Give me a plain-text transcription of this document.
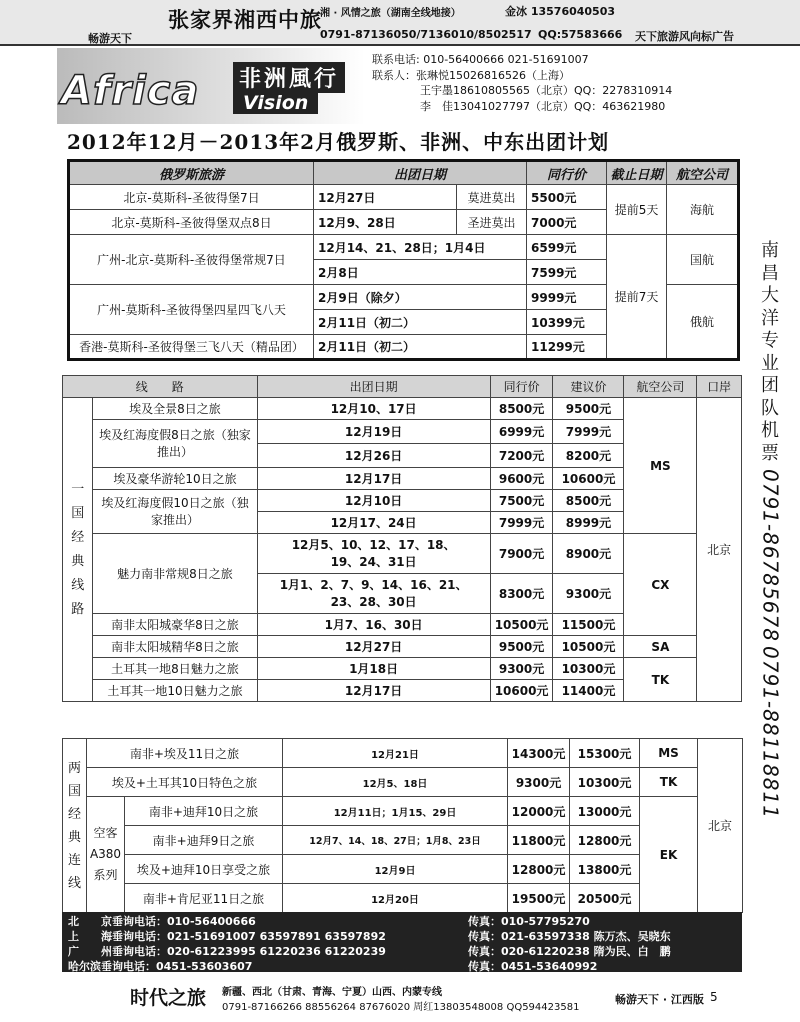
畅游天下
张家界湘西中旅
湘 · 风情之旅（湖南全线地接）	金冰 13576040503
0791-87136050/7136010/8502517 QQ:57583666 天下旅游风向标广告
Africa 非洲風行
Vision
联系电话: 010-56400666 021-51691007
联系人：张琳悦15026816526（上海）
王宇墨18610805565（北京）QQ：2278310914
李　佳13041027797（北京）QQ：463621980
2012年12月－2013年2月俄罗斯、非洲、中东出团计划
俄罗斯旅游	出团日期		同行价	截止日期	航空公司
北京-莫斯科-圣彼得堡7日	12月27日	莫进莫出	5500元	提前5天	海航
北京-莫斯科-圣彼得堡双点8日	12月9、28日	圣进莫出	7000元		
广州-北京-莫斯科-圣彼得堡常规7日	12月14、21、28日；1月4日		6599元	提前7天	国航
	2月8日		7599元		
广州-莫斯科-圣彼得堡四星四飞八天	2月9日（除夕）		9999元		俄航
	2月11日（初二）		10399元		
香港-莫斯科-圣彼得堡三飞八天（精品团）	2月11日（初二）		11299元		
线　　路		出团日期	同行价	建议价	航空公司	口岸
一国经典线路	埃及全景8日之旅	12月10、17日	8500元	9500元	MS	北京
	埃及红海度假8日之旅（独家推出）	12月19日	6999元	7999元		
		12月26日	7200元	8200元		
	埃及豪华游轮10日之旅	12月17日	9600元	10600元		
	埃及红海度假10日之旅（独家推出）	12月10日	7500元	8500元		
		12月17、24日	7999元	8999元		
	魅力南非常规8日之旅	12月5、10、12、17、18、19、24、31日	7900元	8900元	CX	
		1月1、2、7、9、14、16、21、23、28、30日	8300元	9300元		
	南非太阳城豪华8日之旅	1月7、16、30日	10500元	11500元		
	南非太阳城精华8日之旅	12月27日	9500元	10500元	SA	
	土耳其一地8日魅力之旅	1月18日	9300元	10300元	TK	
	土耳其一地10日魅力之旅	12月17日	10600元	11400元		
两国经典连线	南非+埃及11日之旅		12月21日	14300元	15300元	MS	北京
	埃及+土耳其10日特色之旅		12月5、18日	9300元	10300元	TK	
	空客A380系列	南非+迪拜10日之旅	12月11日；1月15、29日	12000元	13000元	EK	
		南非+迪拜9日之旅	12月7、14、18、27日；1月8、23日	11800元	12800元		
		埃及+迪拜10日享受之旅	12月9日	12800元	13800元		
		南非+肯尼亚11日之旅	12月20日	19500元	20500元		
南昌大洋专业团队机票
0791-86785678
0791-88118811
北　　京垂询电话：010-56400666	传真：010-57795270
上　　海垂询电话：021-51691007 63597891 63597892	传真：021-63597338 陈万杰、吴晓东
广　　州垂询电话：020-61223995 61220236 61220239	传真：020-61220238 隋为民、白　鹏
哈尔滨垂询电话：0451-53603607	传真：0451-53640992
时代之旅 新疆、西北（甘肃、青海、宁夏）山西、内蒙专线
0791-87166266 88556264 87676020 周红13803548008 QQ594423581
畅游天下 · 江西版 5
